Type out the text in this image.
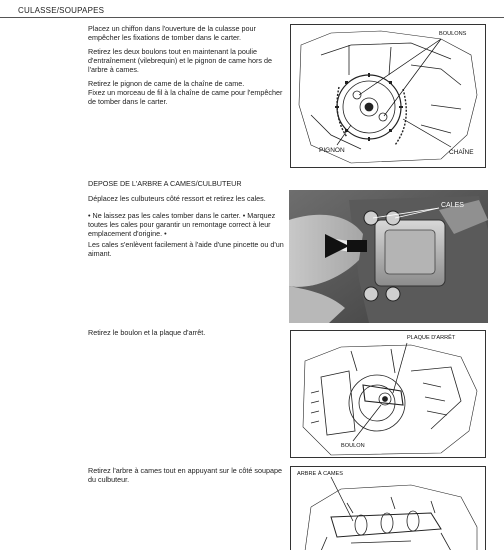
CULASSE/SOUPAPES

Placez un chiffon dans l'ouverture de la culasse pour empêcher les fixations de tomber dans le carter.

Retirez les deux boulons tout en maintenant la poulie d'entraînement (vilebrequin) et le pignon de came hors de l'arbre à cames.

Retirez le pignon de came de la chaîne de came.
Fixez un morceau de fil à la chaîne de came pour l'empêcher de tomber dans le carter.

BOULONS
PIGNON	CHAÎNE

DEPOSE DE L'ARBRE A CAMES/CULBUTEUR

Déplacez les culbuteurs côté ressort et retirez les cales.

• Ne laissez pas les cales tomber dans le carter. • Marquez toutes les cales pour garantir un remontage correct à leur emplacement d'origine. •

Les cales s'enlèvent facilement à l'aide d'une pincette ou d'un aimant.

CALES

Retirez le boulon et la plaque d'arrêt.

PLAQUE D'ARRÊT
BOULON

Retirez l'arbre à cames tout en appuyant sur le côté soupape du culbuteur.

ARBRE À CAMES
